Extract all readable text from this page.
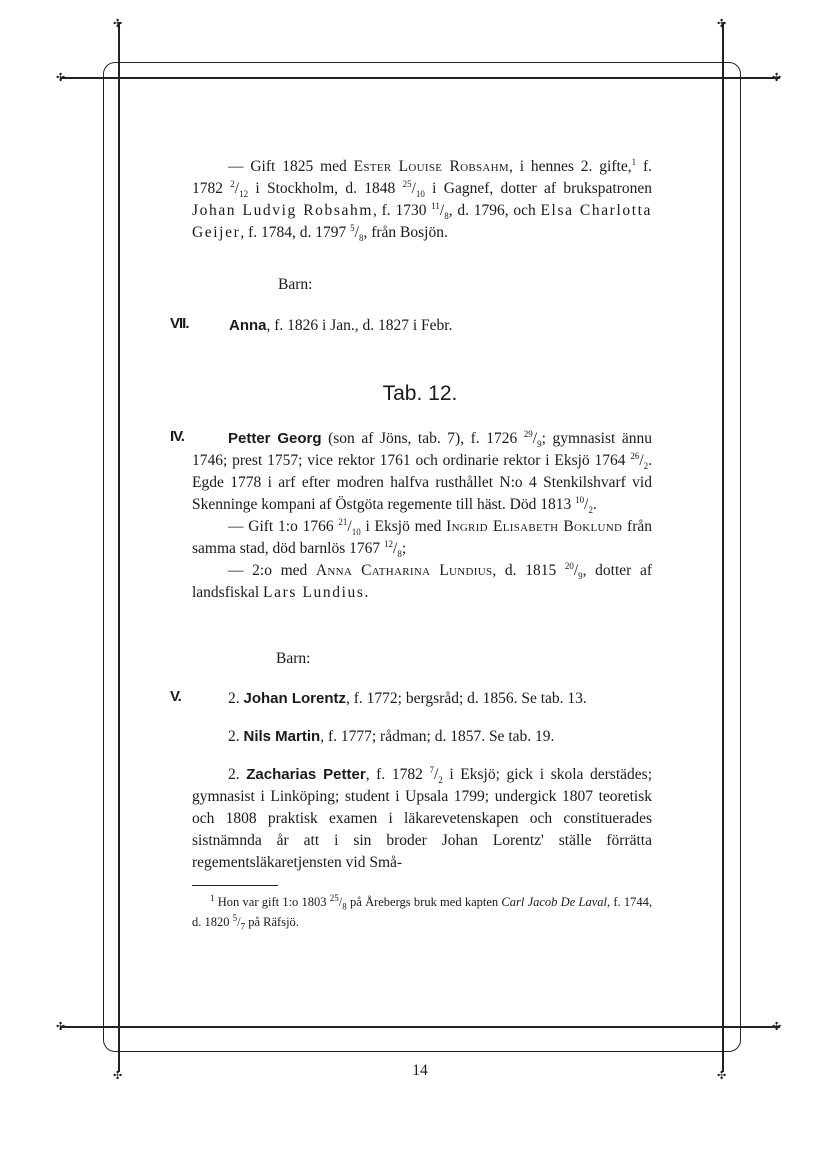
✣	✣
✣	✣
✣	✣
✣	✣

— Gift 1825 med Ester Louise Robsahm, i hennes 2. gifte,$^1$ f. 1782 $^2/_{12}$ i Stockholm, d. 1848 $^{25}/_{10}$ i Gagnef, dotter af brukspatronen Johan Ludvig Robsahm, f. 1730 $^{11}/_8$, d. 1796, och Elsa Charlotta Geijer, f. 1784, d. 1797 $^5/_8$, från Bosjön.

Barn:
VII.	Anna, f. 1826 i Jan., d. 1827 i Febr.
Tab. 12.
IV.	Petter Georg (son af Jöns, tab. 7), f. 1726 $^{29}/_9$; gymnasist ännu 1746; prest 1757; vice rektor 1761 och ordinarie rektor i Eksjö 1764 $^{26}/_2$. Egde 1778 i arf efter modren halfva rusthållet N:o 4 Stenkilshvarf vid Skenninge kompani af Östgöta regemente till häst. Död 1813 $^{10}/_2$.

— Gift 1:o 1766 $^{21}/_{10}$ i Eksjö med Ingrid Elisabeth Boklund från samma stad, död barnlös 1767 $^{12}/_8$;

— 2:o med Anna Catharina Lundius, d. 1815 $^{20}/_9$, dotter af landsfiskal Lars Lundius.

Barn:
V.	2. Johan Lorentz, f. 1772; bergsråd; d. 1856. Se tab. 13.

2. Nils Martin, f. 1777; rådman; d. 1857. Se tab. 19.

2. Zacharias Petter, f. 1782 $^7/_2$ i Eksjö; gick i skola derstädes; gymnasist i Linköping; student i Upsala 1799; undergick 1807 teoretisk och 1808 praktisk examen i läkarevetenskapen och constituerades sistnämnda år att i sin broder Johan Lorentz' ställe förrätta regementsläkaretjensten vid Små-

$^1$ Hon var gift 1:o 1803 $^{25}/_8$ på Årebergs bruk med kapten Carl Jacob De Laval, f. 1744, d. 1820 $^5/_7$ på Räfsjö.
14
